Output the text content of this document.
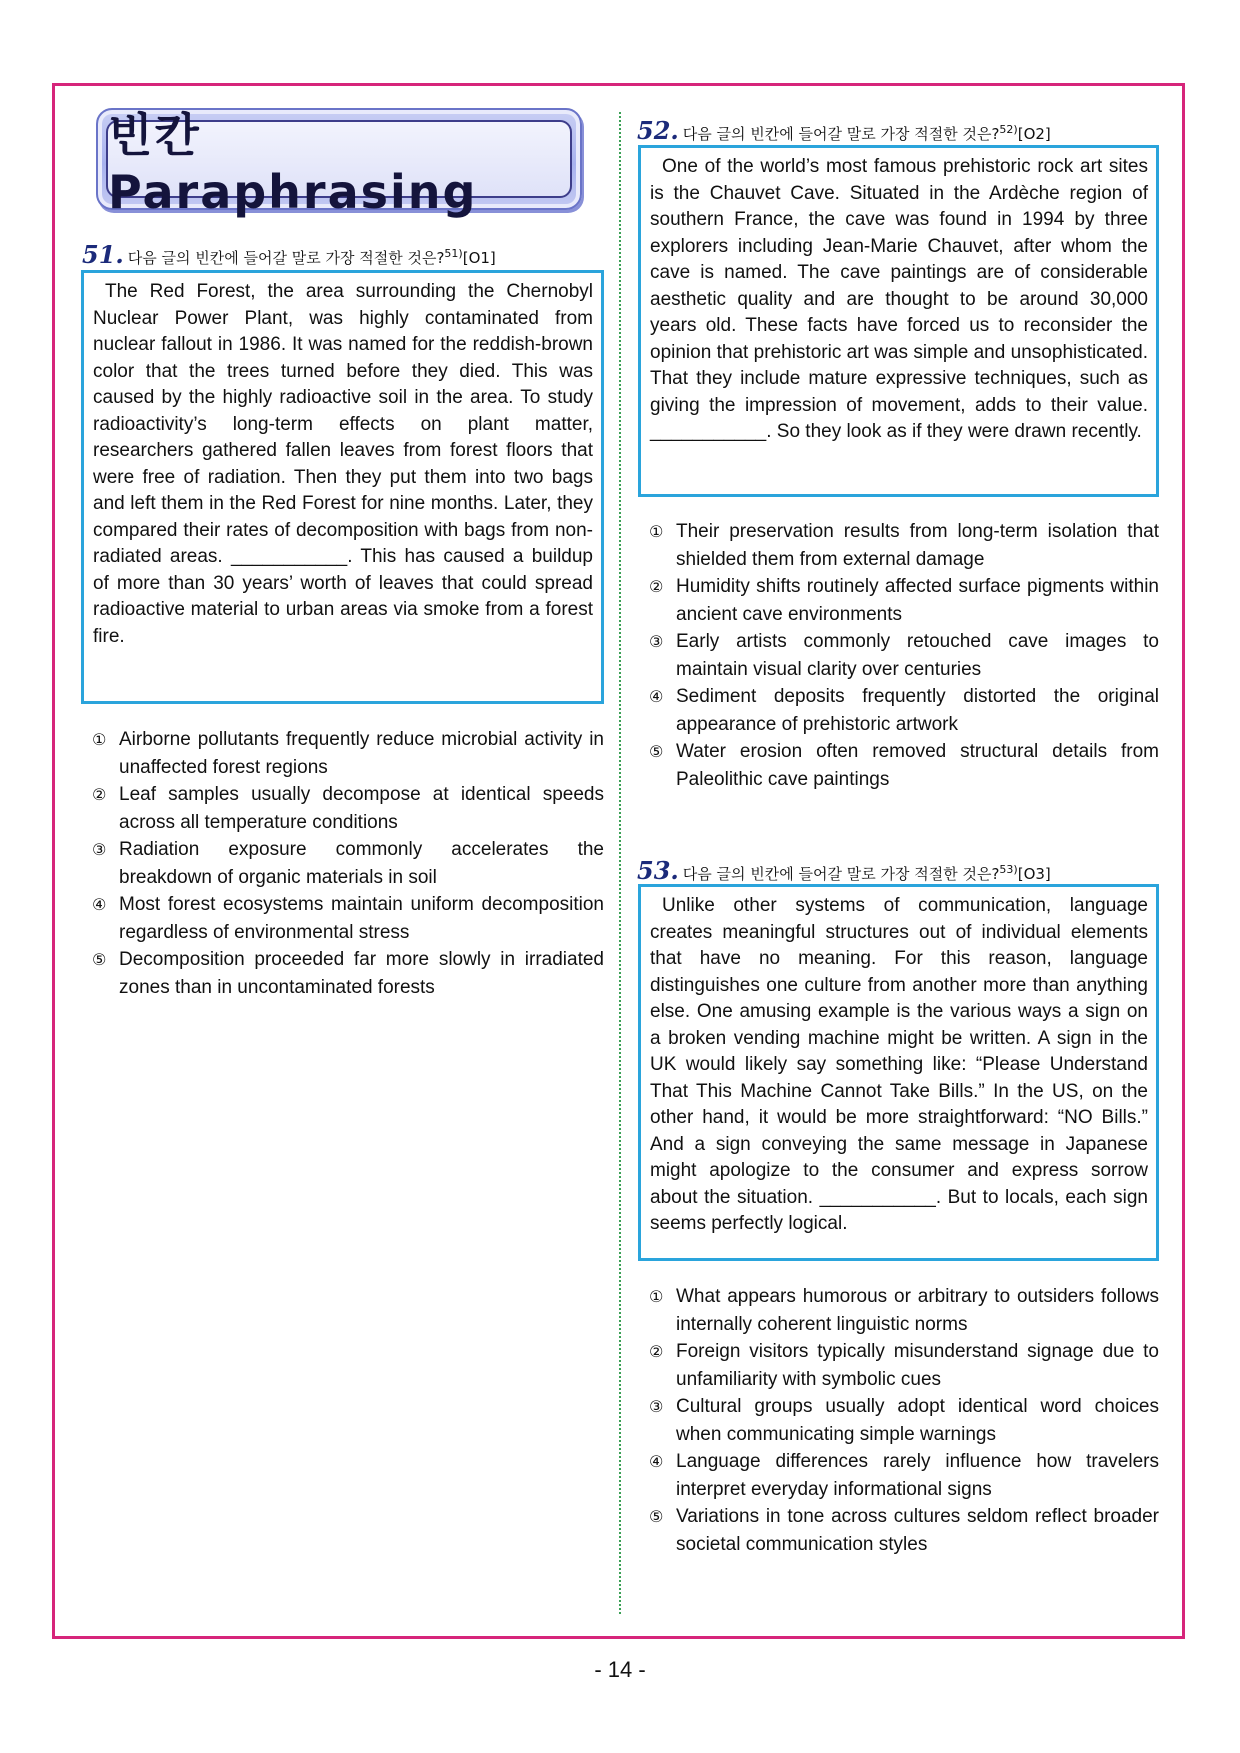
빈칸 Paraphrasing
51. 다음 글의 빈칸에 들어갈 말로 가장 적절한 것은?$^{51)}$[O1]

The Red Forest, the area surrounding the Chernobyl Nuclear Power Plant, was highly contaminated from nuclear fallout in 1986. It was named for the reddish-brown color that the trees turned before they died. This was caused by the highly radioactive soil in the area. To study radioactivity’s long-term effects on plant matter, researchers gathered fallen leaves from forest floors that were free of radiation. Then they put them into two bags and left them in the Red Forest for nine months. Later, they compared their rates of decomposition with bags from non-radiated areas. ___________. This has caused a buildup of more than 30 years’ worth of leaves that could spread radioactive material to urban areas via smoke from a forest fire.

① Airborne pollutants frequently reduce microbial activity in unaffected forest regions
② Leaf samples usually decompose at identical speeds across all temperature conditions
③ Radiation exposure commonly accelerates the breakdown of organic materials in soil
④ Most forest ecosystems maintain uniform decomposition regardless of environmental stress
⑤ Decomposition proceeded far more slowly in irradiated zones than in uncontaminated forests
52. 다음 글의 빈칸에 들어갈 말로 가장 적절한 것은?$^{52)}$[O2]

One of the world’s most famous prehistoric rock art sites is the Chauvet Cave. Situated in the Ardèche region of southern France, the cave was found in 1994 by three explorers including Jean-Marie Chauvet, after whom the cave is named. The cave paintings are of considerable aesthetic quality and are thought to be around 30,000 years old. These facts have forced us to reconsider the opinion that prehistoric art was simple and unsophisticated. That they include mature expressive techniques, such as giving the impression of movement, adds to their value. ___________. So they look as if they were drawn recently.

① Their preservation results from long-term isolation that shielded them from external damage
② Humidity shifts routinely affected surface pigments within ancient cave environments
③ Early artists commonly retouched cave images to maintain visual clarity over centuries
④ Sediment deposits frequently distorted the original appearance of prehistoric artwork
⑤ Water erosion often removed structural details from Paleolithic cave paintings
53. 다음 글의 빈칸에 들어갈 말로 가장 적절한 것은?$^{53)}$[O3]

Unlike other systems of communication, language creates meaningful structures out of individual elements that have no meaning. For this reason, language distinguishes one culture from another more than anything else. One amusing example is the various ways a sign on a broken vending machine might be written. A sign in the UK would likely say something like: “Please Understand That This Machine Cannot Take Bills.” In the US, on the other hand, it would be more straightforward: “NO Bills.” And a sign conveying the same message in Japanese might apologize to the consumer and express sorrow about the situation. ___________. But to locals, each sign seems perfectly logical.

① What appears humorous or arbitrary to outsiders follows internally coherent linguistic norms
② Foreign visitors typically misunderstand signage due to unfamiliarity with symbolic cues
③ Cultural groups usually adopt identical word choices when communicating simple warnings
④ Language differences rarely influence how travelers interpret everyday informational signs
⑤ Variations in tone across cultures seldom reflect broader societal communication styles
- 14 -
